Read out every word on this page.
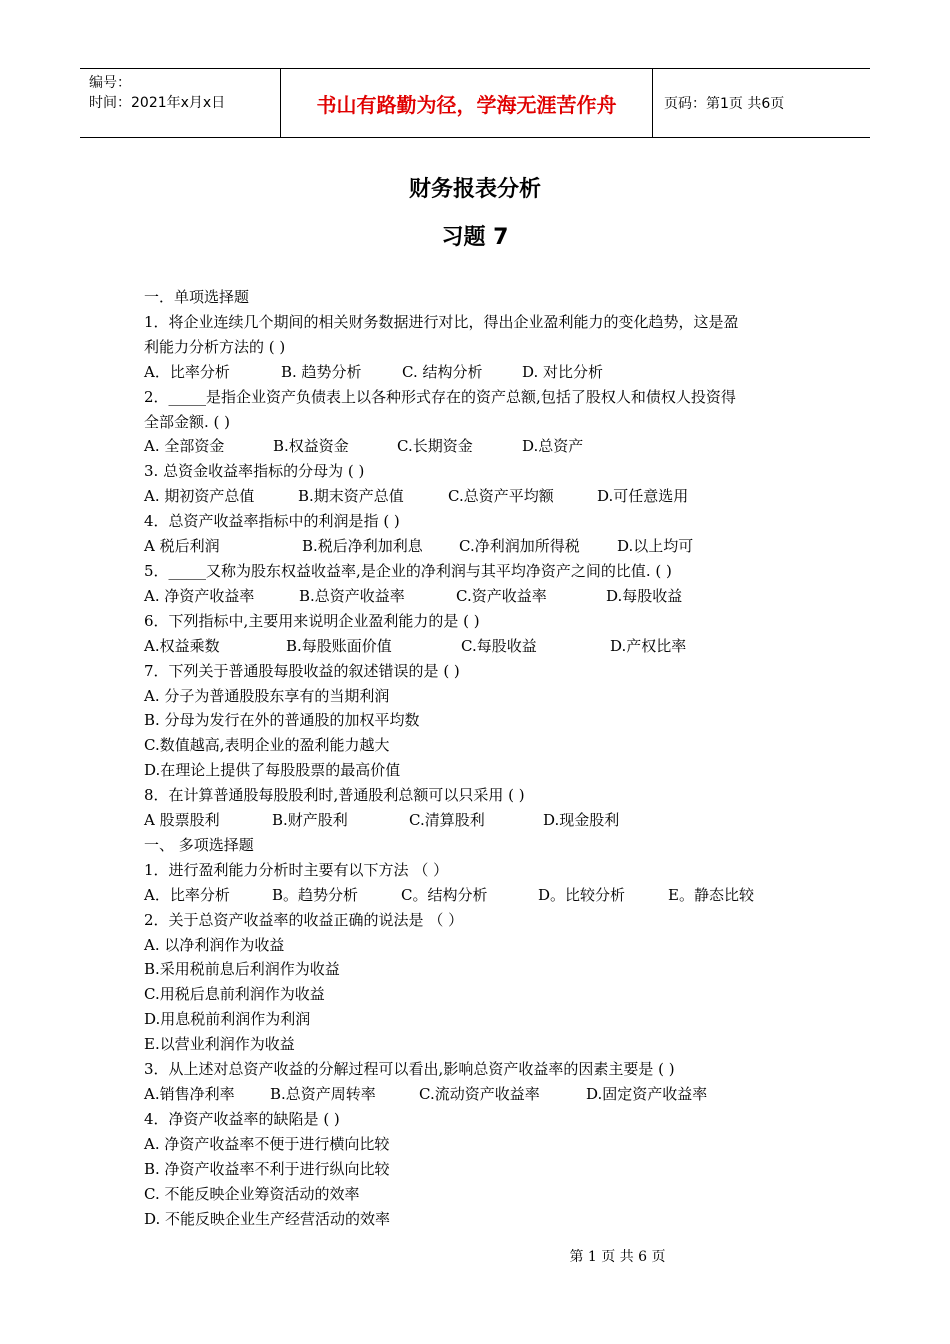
编号：
时间：2021年x月x日	书山有路勤为径，学海无涯苦作舟	页码：第1页 共6页
财务报表分析
习题 7
一．单项选择题
1．将企业连续几个期间的相关财务数据进行对比，得出企业盈利能力的变化趋势，这是盈
利能力分析方法的 ( )
A．比率分析	B. 趋势分析	C. 结构分析	D. 对比分析
2．_____是指企业资产负债表上以各种形式存在的资产总额,包括了股权人和债权人投资得
全部金额. ( )
A. 全部资金	B.权益资金	C.长期资金	D.总资产
3. 总资金收益率指标的分母为 ( )
A. 期初资产总值	B.期末资产总值	C.总资产平均额	D.可任意选用
4．总资产收益率指标中的利润是指 ( )
A 税后利润	B.税后净利加利息	C.净利润加所得税	D.以上均可
5．_____又称为股东权益收益率,是企业的净利润与其平均净资产之间的比值. ( )
A. 净资产收益率	B.总资产收益率	C.资产收益率	D.每股收益
6．下列指标中,主要用来说明企业盈利能力的是 ( )
A.权益乘数	B.每股账面价值	C.每股收益	D.产权比率
7．下列关于普通股每股收益的叙述错误的是 ( )
A. 分子为普通股股东享有的当期利润
B. 分母为发行在外的普通股的加权平均数
C.数值越高,表明企业的盈利能力越大
D.在理论上提供了每股股票的最高价值
8．在计算普通股每股股利时,普通股利总额可以只采用 ( )
A 股票股利	B.财产股利	C.清算股利	D.现金股利
一、 多项选择题
1．进行盈利能力分析时主要有以下方法 （ ）
A．比率分析	B。趋势分析	C。结构分析	D。比较分析	E。静态比较
2．关于总资产收益率的收益正确的说法是 （ ）
A. 以净利润作为收益
B.采用税前息后利润作为收益
C.用税后息前利润作为收益
D.用息税前利润作为利润
E.以营业利润作为收益
3．从上述对总资产收益的分解过程可以看出,影响总资产收益率的因素主要是 ( )
A.销售净利率	B.总资产周转率	C.流动资产收益率	D.固定资产收益率
4．净资产收益率的缺陷是 ( )
A. 净资产收益率不便于进行横向比较
B. 净资产收益率不利于进行纵向比较
C. 不能反映企业筹资活动的效率
D. 不能反映企业生产经营活动的效率
第 1 页 共 6 页
